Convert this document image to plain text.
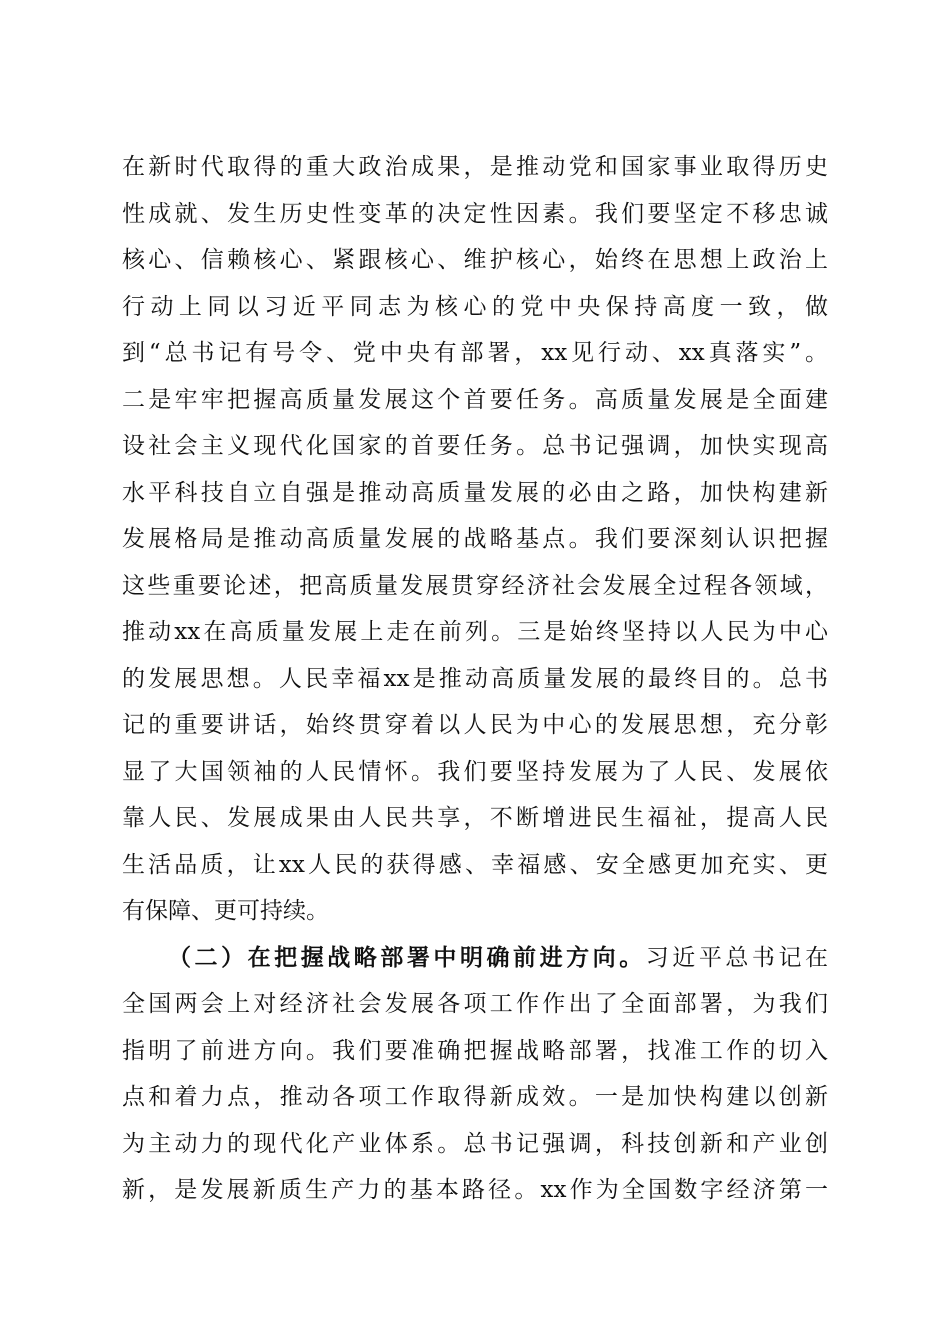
在新时代取得的重大政治成果，是推动党和国家事业取得历史
性成就、发生历史性变革的决定性因素。我们要坚定不移忠诚
核心、信赖核心、紧跟核心、维护核心，始终在思想上政治上
行动上同以习近平同志为核心的党中央保持高度一致，做
到“总书记有号令、党中央有部署，xx见行动、xx真落实”。
二是牢牢把握高质量发展这个首要任务。高质量发展是全面建
设社会主义现代化国家的首要任务。总书记强调，加快实现高
水平科技自立自强是推动高质量发展的必由之路，加快构建新
发展格局是推动高质量发展的战略基点。我们要深刻认识把握
这些重要论述，把高质量发展贯穿经济社会发展全过程各领域，
推动xx在高质量发展上走在前列。三是始终坚持以人民为中心
的发展思想。人民幸福xx是推动高质量发展的最终目的。总书
记的重要讲话，始终贯穿着以人民为中心的发展思想，充分彰
显了大国领袖的人民情怀。我们要坚持发展为了人民、发展依
靠人民、发展成果由人民共享，不断增进民生福祉，提高人民
生活品质，让xx人民的获得感、幸福感、安全感更加充实、更
有保障、更可持续。
（二）在把握战略部署中明确前进方向。习近平总书记在
全国两会上对经济社会发展各项工作作出了全面部署，为我们
指明了前进方向。我们要准确把握战略部署，找准工作的切入
点和着力点，推动各项工作取得新成效。一是加快构建以创新
为主动力的现代化产业体系。总书记强调，科技创新和产业创
新，是发展新质生产力的基本路径。xx作为全国数字经济第一
